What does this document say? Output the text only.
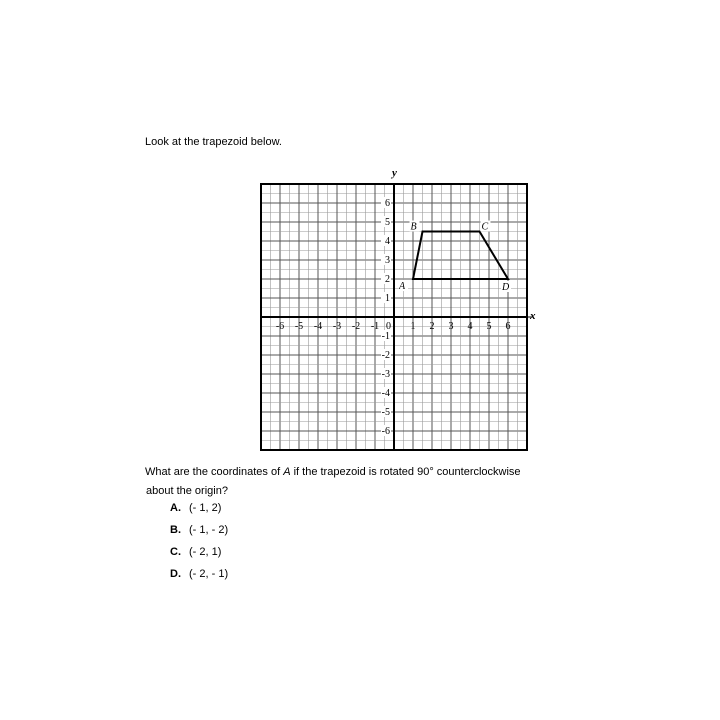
Look at the trapezoid below.
-6 -5 -4 -3 -2 -1	1 2 3 4 5 6
6
5
4
3
2
1
-1
-2
-3
-4
-5
-6
0
A
B	C
D
x
y
What are the coordinates of A if the trapezoid is rotated 90° counterclockwise
about the origin?
A. (- 1, 2)
B. (- 1, - 2)
C. (- 2, 1)
D. (- 2, - 1)
